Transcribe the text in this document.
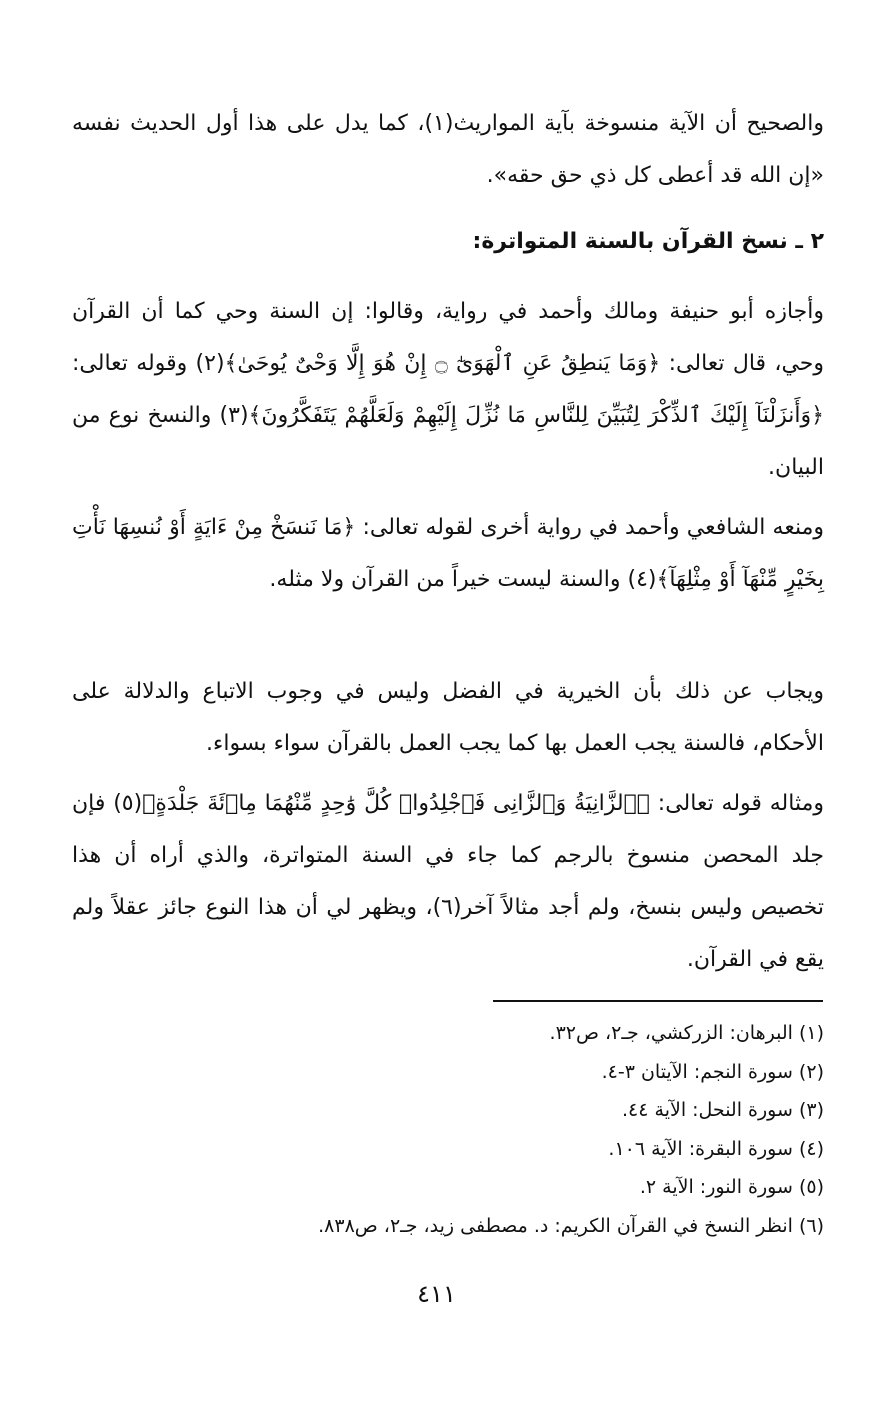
والصحيح أن الآية منسوخة بآية المواريث(١)، كما يدل على هذا أول الحديث نفسه «إن الله قد أعطى كل ذي حق حقه».

٢ ـ نسخ القرآن بالسنة المتواترة:

وأجازه أبو حنيفة ومالك وأحمد في رواية، وقالوا: إن السنة وحي كما أن القرآن وحي، قال تعالى: ﴿وَمَا يَنطِقُ عَنِ ٱلْهَوَىٰٓ ۝ إِنْ هُوَ إِلَّا وَحْىٌ يُوحَىٰ﴾(٢) وقوله تعالى: ﴿وَأَنزَلْنَآ إِلَيْكَ ٱلذِّكْرَ لِتُبَيِّنَ لِلنَّاسِ مَا نُزِّلَ إِلَيْهِمْ وَلَعَلَّهُمْ يَتَفَكَّرُونَ﴾(٣) والنسخ نوع من البيان.

ومنعه الشافعي وأحمد في رواية أخرى لقوله تعالى: ﴿مَا نَنسَخْ مِنْ ءَايَةٍ أَوْ نُنسِهَا نَأْتِ بِخَيْرٍ مِّنْهَآ أَوْ مِثْلِهَآ﴾(٤) والسنة ليست خيراً من القرآن ولا مثله.

ويجاب عن ذلك بأن الخيرية في الفضل وليس في وجوب الاتباع والدلالة على الأحكام، فالسنة يجب العمل بها كما يجب العمل بالقرآن سواء بسواء.

ومثاله قوله تعالى: ﴿ٱلزَّانِيَةُ وَٱلزَّانِى فَٱجْلِدُوا۟ كُلَّ وَٰحِدٍ مِّنْهُمَا مِا۟ئَةَ جَلْدَةٍ﴾(٥) فإن جلد المحصن منسوخ بالرجم كما جاء في السنة المتواترة، والذي أراه أن هذا تخصيص وليس بنسخ، ولم أجد مثالاً آخر(٦)، ويظهر لي أن هذا النوع جائز عقلاً ولم يقع في القرآن.

(١) البرهان: الزركشي، جـ٢، ص٣٢.
(٢) سورة النجم: الآيتان ٣-٤.
(٣) سورة النحل: الآية ٤٤.
(٤) سورة البقرة: الآية ١٠٦.
(٥) سورة النور: الآية ٢.
(٦) انظر النسخ في القرآن الكريم: د. مصطفى زيد، جـ٢، ص٨٣٨.
٤١١
